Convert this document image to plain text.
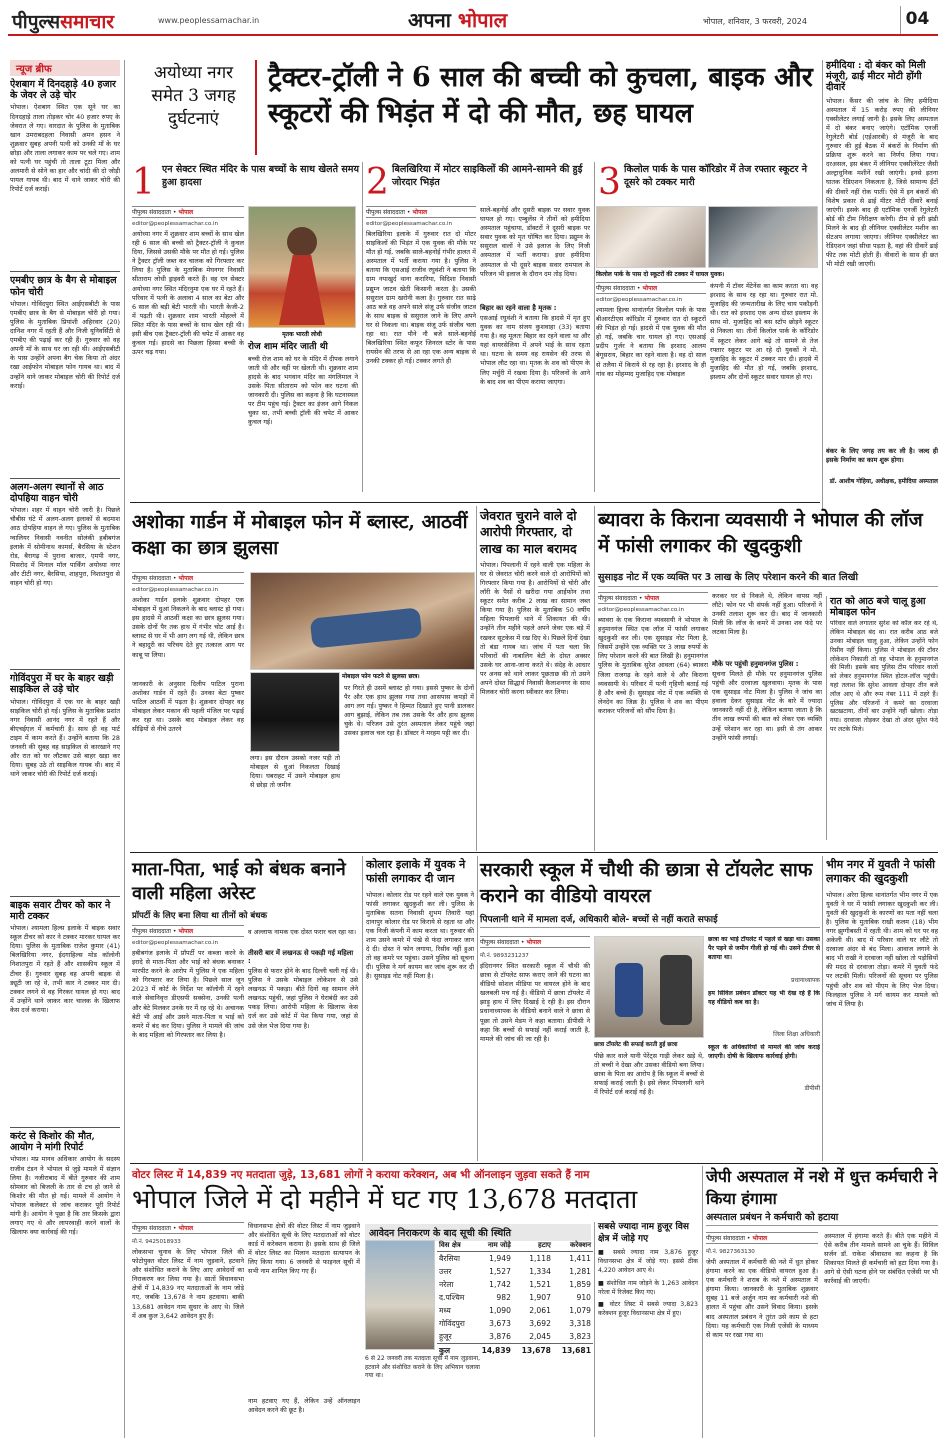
पीपुल्ससमाचार	www.peoplessamachar.in	अपना भोपाल	भोपाल, शनिवार, 3 फरवरी, 2024	04
न्यूज ब्रीफ
ऐशबाग में दिनदहाड़े 40 हजार के जेवर ले उड़े चोर
भोपाल। ऐशबाग स्थित एक सूने घर का दिनदहाड़े ताला तोड़कर चोर 40 हजार रुपए के जेवरात ले गए। वारदात के पुलिस के मुताबिक खान उमराबदहला निवासी अमन हसन ने शुक्रवार सुबह अपनी पत्नी को उनकी माँ के घर छोड़ा और ताला लगाकर काम पर चले गए। शाम को पत्नी घर पहुंची तो ताला टूटा मिला और अलमारी से सोने का हार और चांदी की दो जोड़ी पायल गायब थी। बाद में थाने जाकर चोरी की रिपोर्ट दर्ज कराई।
एमबीए छात्र के बैग से मोबाइल फोन चोरी
भोपाल। गोविंदपुरा स्थित आईएसबीटी के पास एमबीए छात्र के बैग से मोबाइल चोरी हो गया। पुलिस के मुताबिक प्रियांशी अहिरवार (20) दानिश नगर में रहती हैं और निजी यूनिवर्सिटी से एमबीए की पढ़ाई कर रही हैं। गुरुवार को वह अपनी माँ के साथ घर जा रही थी। आईएसबीटी के पास उन्होंने अपना बैग चेक किया तो अंदर रखा आईफोन मोबाइल फोन गायब था। बाद में उन्होंने थाने जाकर मोबाइल चोरी की रिपोर्ट दर्ज कराई।
अलग-अलग स्थानों से आठ दोपहिया वाहन चोरी
भोपाल। शहर में वाहन चोरी जारी है। पिछले चौबीस घंटे में अलग-अलग इलाकों से बदमाश आठ दोपहिया वाहन ले गए। पुलिस के मुताबिक ग्वालियर निवासी नवनीत सोलंकी हबीबगंज इलाके में सोमीनाथ कामर्स, बैरसिया के स्टेशन रोड, बैरागढ़ में पुराना बाजार, एमपी नगर, मिसरोद में मिनाल मॉल पार्किंग अयोध्या नगर और टीटी नगर, बैरसिया, शाहपुरा, निशातपुरा से वाहन चोरी हो गए।
गोविंदपुरा में घर के बाहर खड़ी साइकिल ले उड़े चोर
भोपाल। गोविंदपुरा में एक घर के बाहर खड़ी साइकिल चोरी हो गई। पुलिस के मुताबिक प्रशांत नगर निवासी आनंद नगर में रहते हैं और बीएचईएल में कर्मचारी हैं। साथ ही वह पार्ट टाइम में काम करते हैं। उन्होंने बताया कि 28 जनवरी की सुबह वह साइकिल से कारखाने गए और रात को घर लौटकर उसे बाहर खड़ा कर दिया। सुबह उठे तो साइकिल गायब थी। बाद में थाने जाकर चोरी की रिपोर्ट दर्ज कराई।
बाइक सवार टीचर को कार ने मारी टक्कर
भोपाल। श्यामला हिल्स इलाके में बाइक सवार स्कूल टीचर को कार ने टक्कर मारकर घायल कर दिया। पुलिस के मुताबिक राजेश कुमार (41) बिलखिरिया नगर, ईदगाहिल्स मोड कॉलोनी निशातपुरा में रहते हैं और शासकीय स्कूल में टीचर हैं। गुरुवार सुबह वह अपनी बाइक से ड्यूटी जा रहे थे, तभी कार ने टक्कर मार दी। टक्कर लगने से वह गिरकर घायल हो गए। बाद में उन्होंने थाने जाकर कार चालक के खिलाफ केस दर्ज कराया।
करंट से किशोर की मौत, आयोग ने मांगी रिपोर्ट
भोपाल। मप्र मानव अधिकार आयोग के सदस्य राजीव टंडन ने भोपाल से जुड़े मामले में संज्ञान लिया है। नजीराबाद में बीते गुरुवार की शाम सोमवार को बिजली के तार से टच हो जाने से किशोर की मौत हो गई। मामले में आयोग ने भोपाल कलेक्टर से जांच कराकर पूरी रिपोर्ट मांगी है। आयोग ने पूछा है कि तार किसके द्वारा लगाए गए थे और लापरवाही करने वालों के खिलाफ क्या कार्रवाई की गई।
अयोध्या नगर समेत 3 जगह दुर्घटनाएं
ट्रैक्टर-ट्रॉली ने 6 साल की बच्ची को कुचला, बाइक और स्कूटरों की भिड़ंत में दो की मौत, छह घायल
1 एन सेक्टर स्थित मंदिर के पास बच्चों के साथ खेलते समय हुआ हादसा
पीपुल्स संवाददाता • भोपाल
editor@peoplessamachar.co.in
अयोध्या नगर में शुक्रवार शाम बच्चों के साथ खेल रही 6 साल की बच्ची को ट्रैक्टर-ट्रॉली ने कुचल दिया, जिससे उसकी मौके पर मौत हो गई। पुलिस ने ट्रैक्टर ट्रॉली जब्त कर चालक को गिरफ्तार कर लिया है। पुलिस के मुताबिक मेघनगर निवासी सीताराम लोधी ड्राइवरी करते हैं। वह एन सेक्टर अयोध्या नगर स्थित मंदिरनुमा एक घर में रहते हैं। परिवार में पत्नी के अलावा 4 साल का बेटा और 6 साल की बड़ी बेटी भारती थी। भारती केजी-2 में पढ़ती थी। शुक्रवार शाम भारती मोहल्ले में स्थित मंदिर के पास बच्चों के साथ खेल रही थी। इसी बीच एक ट्रैक्टर-ट्रॉली की चपेट में आकर वह कुचल गई। हादसे का पिछला हिस्सा बच्ची के ऊपर चढ़ गया।
मृतक भारती लोधी
रोज शाम मंदिर जाती थी
बच्ची रोज शाम को घर के मंदिर में दीपक लगाने जाती थी और वहीं पर खेलती थी। शुक्रवार शाम हादसे के बाद भगवान मंदिर का मंगलिमाल ने उसके पिता सीताराम को फोन कर घटना की जानकारी दी। पुलिस का कहना है कि घटनास्थल पर टीम पहुंच गई। ट्रैक्टर का इंजन आगे निकल चुका था, तभी बच्ची ट्रॉली की चपेट में आकर कुचल गई।
2 बिलखिरिया में मोटर साइकिलों की आमने-सामने की हुई जोरदार भिड़ंत
पीपुल्स संवाददाता • भोपाल
editor@peoplessamachar.co.in
बिलखिरिया इलाके में गुरुवार रात दो मोटर साइकिलों की भिड़ंत में एक युवक की मौके पर मौत हो गई, जबकि साले-बहनोई गंभीर हालत में अस्पताल में भर्ती कराया गया है। पुलिस ने बताया कि एसआई राजीव रघुवंशी ने बताया कि ग्राम नयाखुर्द थाना करारिया, विदिशा निवासी प्रद्युम्न जाटव खेती किसानी करता है। उसकी ससुराल ग्राम खरोनी कला है। गुरुवार रात साढ़े आठ बजे वह अपने साले संजू उर्फ संजीव जाटव के साथ बाइक से ससुराल जाने के लिए अपने घर से निकला था। बाइक संजू उर्फ संजीव चला रहा था। रात पौने नौ बजे साले-बहनोई बिलखिरिया स्थित कफूर जिनरल स्टोर के पास रायसेन की तरफ से आ रहा एक अन्य बाइक से उनकी टक्कर हो गई। टक्कर लगते ही
साले-बहनोई और दूसरी बाइक पर सवार युवक घायल हो गए। एम्बुलेंस ने तीनों को हमीदिया अस्पताल पहुंचाया, डॉक्टरों ने दूसरी बाइक पर सवार युवक को मृत घोषित कर दिया। प्रद्युम्न के ससुराल वालों ने उसे इलाज के लिए निजी अस्पताल में भर्ती कराया। इधर हमीदिया अस्पताल से भी दूसरे बाइक सवार रामपाल के परिजन भी इलाज के दौरान दम तोड़ दिया।
बिहार का रहने वाला है मृतक :
एसआई रघुवंशी ने बताया कि हादसे में मृत हुए युवक का नाम संजय कुशवाहा (33) बताया गया है। वह मूलतः बिहार का रहने वाला था और यहां वायरसेलिया में अपने भाई के साथ रहता था। घटना के समय वह रायसेन की तरफ से भोपाल लौट रहा था। मृतक के शव को पीएम के लिए मर्चुरी में रखवा दिया है। परिजनों के आने के बाद शव का पीएम कराया जाएगा।
3 किलोल पार्क के पास कॉरिडोर में तेज रफ्तार स्कूटर ने दूसरे को टक्कर मारी
किलोल पार्क के पास दो स्कूटरों की टक्कर में घायल युवक।
पीपुल्स संवाददाता • भोपाल
editor@peoplessamachar.co.in
श्यामला हिल्स थानांतर्गत किलोल पार्क के पास बीआरटीएस कॉरिडोर में गुरुवार रात दो स्कूटरों की भिड़ंत हो गई। हादसे में एक युवक की मौत हो गई, जबकि चार घायल हो गए। एसआई प्रदीप गुर्जर ने बताया कि इरशाद आलम बेगूसराय, बिहार का रहने वाला है। वह दो साल से तलैया में किराये से रह रहा है। इरशाद के ही गांव का मोहम्मद मुजाहिद एक मोबाइल
कंपनी में टॉवर मेंटेनेंस का काम करता था। वह इरशाद के साथ रह रहा था। गुरुवार रात मो. मुजाहिद की जन्मतारीख के लिए चाय पकौड़नी थी। रात को इरशाद एक अन्य दोस्त इस्लाम के साथ मो. मुजाहिद को बस स्टॉप छोड़ने स्कूटर से निकला था। तीनों किलोल पार्क के कॉरिडोर में स्कूटर लेकर आगे बढ़े तो सामने से तेज रफ्तार स्कूटर पर आ रहे दो युवकों ने मो. मुजाहिद के स्कूटर में टक्कर मार दी। हादसे में मुजाहिद की मौत हो गई, जबकि इरशाद, इस्लाम और दोनों स्कूटर सवार घायल हो गए।
हमीदिया : दो बंकर को मिली मंजूरी, ढाई मीटर मोटी होंगी दीवारें
भोपाल। कैंसर की जांच के लिए हमीदिया अस्पताल में 15 करोड़ रुपए की लीनियर एक्सीलेटर लगाई जानी है। इसके लिए अस्पताल में दो बंकर बनाए जाएंगे। एटॉमिक एनर्जी रेगुलेटरी बोर्ड (एईआरबी) से मंजूरी के बाद गुरुवार की हुई बैठक में बंकरों के निर्माण की प्रक्रिया शुरू करने का निर्णय लिया गया। दरअसल, इस बंकर में लीनियर एक्सीलेरेटर जैसी अल्ट्राधुनिक मशीनें रखी जाएंगी। इनसे इतना घातक रेडिएशन निकलता है, जिसे सामान्य ईंटों की दीवारें नहीं रोक पातीं। ऐसे में इन बंकरों की विशेष प्रकार से ढाई मीटर मोटी दीवारें बनाई जाएंगी। इसके बाद ही एटॉमिक एनर्जी रेगुलेटरी बोर्ड की टीम निरीक्षण करेगी। टीम से हरी झंडी मिलने के बाद ही लीनियर एक्सीलेटर मशीन का सेटअप लगाया जाएगा। लीनियर एक्सीलेटर का रेडिएशन जहां सीधा पड़ता है, वहां की दीवारें ढाई फीट तक मोटी होती हैं। वीवारों के साथ ही छत भी मोटी रखी जाएगी।
बंकर के लिए जगह तय कर ली है। जल्द ही इसके निर्माण का काम शुरू होगा।
डॉ. आशीष गोहिया, अधीक्षक, हमीदिया अस्पताल
अशोका गार्डन में मोबाइल फोन में ब्लास्ट, आठवीं कक्षा का छात्र झुलसा
पीपुल्स संवाददाता • भोपाल
editor@peoplessamachar.co.in
अशोका गार्डन इलाके शुक्रवार दोपहर एक मोबाइल में धुआं निकलने के बाद ब्लास्ट हो गया। इस हादसे में आठवीं कक्षा का छात्र झुलस गया। उसके दोनों पैर तक हाथ में गंभीर चोट आई है। ब्लास्ट से घर में भी आग लग गई थी, लेकिन छात्र ने बहादुरी का परिचय देते हुए तत्काल आग पर काबू पा लिया।
जानकारी के अनुसार दिलीप पाटिल पुराना अशोका गार्डन में रहते हैं। उनका बेटा पुष्कर पाटिल आठवीं में पढ़ता है। शुक्रवार दोपहर वह मोबाइल लेकर मकान की पहली मंजिल पर पढ़ाई कर रहा था। उसके बाद मोबाइल लेकर वह सीढ़ियों से नीचे उतरने
मोबाइल फोन फटने से झुलसा छात्र।
लगा। इस दौरान उसको नजर पड़ी तो मोबाइल से धुआं निकलता दिखाई दिया। घबराहट में उसने मोबाइल हाथ से छोड़ा तो जमीन
पर गिरते ही उसमें ब्लास्ट हो गया। इससे पुष्कर के दोनों पैर और एक हाथ झुलस गया तथा आसपास कपड़ों में आग लग गई। पुष्कर ने हिम्मत दिखाते हुए पानी डालकर आग बुझाई, लेकिन तब तक उसके पैर और हाथ झुलस चुके थे। परिजन उसे तुरंत अस्पताल लेकर पहुंचे जहां उसका इलाज चल रहा है। डॉक्टर ने मरहम पट्टी कर दी।
जेवरात चुराने वाले दो आरोपी गिरफ्तार, दो लाख का माल बरामद
भोपाल। पिपलानी में रहने वाली एक महिला के घर से जेवरात चोरी करने वाले दो आरोपियों को गिरफ्तार किया गया है। आरोपियों से चोरी और लॉरी के पैसों से खरीदा गया आईफोन तथा स्कूटर समेत करीब 2 लाख का सामान जब्त किया गया है। पुलिस के मुताबिक 50 वर्षीय महिला पिपलानी थाने में शिकायत की थी। उन्होंने तीन महीने पहले अपने जेवर एक बड़े में रखकर सूटकेस में रख दिए थे। पिछले दिनों देखा तो बंडा गायब था। जांच में पता चला कि परिवारों की नाबालिग बेटी के दोस्त अक्सर उसके घर आना-जाना करते थे। संदेह के आधार पर अनस को थाने लाकर पूछताछ की तो उसने अपने दोस्त सिद्धार्थ निवासी कैलाशनगर के साथ मिलकर चोरी करना स्वीकार कर लिया।
ब्यावरा के किराना व्यवसायी ने भोपाल की लॉज में फांसी लगाकर की खुदकुशी
सुसाइड नोट में एक व्यक्ति पर 3 लाख के लिए परेशान करने की बात लिखी
पीपुल्स संवाददाता • भोपाल
editor@peoplessamachar.co.in
ब्यावरा के एक किराना व्यवसायी ने भोपाल के हनुमानगंज स्थित एक लॉज में फांसी लगाकर खुदकुशी कर ली। एक सुसाइड नोट मिला है, जिसमें उन्होंने एक व्यक्ति पर 3 लाख रुपयों के लिए परेशान करने की बात लिखी है। हनुमानगंज पुलिस के मुताबिक सुरेश आवला (64) ब्यावरा जिला राजगढ़ के रहने वाले थे और किराना व्यवसायी थे। परिवार में पत्नी गृहिणी बताई गई है और बच्चे हैं। सुसाइड नोट में एक व्यक्ति से लेनदेन का जिक्र है। पुलिस ने शव का पीएम कराकर परिजनों को सौंप दिया है।
करकर घर से निकले थे, लेकिन वापस नहीं लौटे। फोन पर भी संपर्क नहीं हुआ। परिजनों ने उनकी तलाश शुरू कर दी। बाद में जानकारी मिली कि लॉज के कमरे में उनका शव फंदे पर लटका मिला है।
मौके पर पहुंची हनुमानगंज पुलिस :
सूचना मिलते ही मौके पर हनुमानगंज पुलिस पहुंची और दरवाजा खुलवाया। मृतक के पास एक सुसाइड नोट मिला है। पुलिस ने जांच का हवाला देकर सुसाइड नोट के बारे में ज्यादा जानकारी नहीं दी है, लेकिन बताया जाता है कि तीन लाख रुपयों की बात को लेकर एक व्यक्ति उन्हें परेशान कर रहा था। इसी से तंग आकर उन्होंने फांसी लगाई।
रात को आठ बजे चालू हुआ मोबाइल फोन
परिवार वाले लगातार सुरेश को कॉल कर रहे थे, लेकिन मोबाइल बंद था। रात करीब आठ बजे उनका मोबाइल चालू हुआ, लेकिन उन्होंने फोन रिसीव नहीं किया। पुलिस ने मोबाइल की टॉवर लोकेशन निकाली तो वह भोपाल के हनुमानगंज की मिली। इसके बाद पुलिस टीम परिवार वालों को लेकर हनुमानगंज स्थित होटल-लॉज पहुंची। यहां तलाश कि सुरेश आवला दोपहर तीन बजे लॉज आए थे और रूम नंबर 111 में ठहरे हैं। पुलिस और परिजनों ने कमरे का दरवाजा खटखटाया, तीनों बार उन्होंने नहीं खोला। तोड़ा गया। दरवाजा तोड़कर देखा तो अंदर सुरेश फंदे पर लटके मिले।
माता-पिता, भाई को बंधक बनाने वाली महिला अरेस्ट
प्रॉपर्टी के लिए बना लिया था तीनों को बंधक
पीपुल्स संवाददाता • भोपाल
editor@peoplessamachar.co.in
हबीबगंज इलाके में प्रॉपर्टी पर कब्जा करने के इरादे से माता-पिता और भाई को बंधक बनाकर मारपीट करने के आरोप में पुलिस ने एक महिला को गिरफ्तार कर लिया है। पिछले साल जून 2023 में कोर्ट के निर्देश पर कॉलोनी में रहने वाले सेवानिवृत्त डीएसपी सक्सेना, उनकी पत्नी और बेटे मिलकर उनके घर में रह रहे थे। अचानक बेटी भी आई और उसने माता-पिता व भाई को कमरे में बंद कर दिया। पुलिस ने मामले की जांच के बाद महिला को गिरफ्तार कर लिया है।
व अल्लाफ नामक एक दोस्त फरार चल रहा था।
तीसरी बार में लखनऊ से पकड़ी गई महिला :
पुलिस से फरार होने के बाद दिल्ली चली गई थी। पुलिस ने उसके मोबाइल लोकेशन से उसे लखनऊ में पकड़ा। बीते दिनों वह सामान लेने लखनऊ पहुंची, जहां पुलिस ने घेराबंदी कर उसे पकड़ लिया। आरोपी महिला के खिलाफ केस दर्ज कर उसे कोर्ट में पेश किया गया, जहां से उसे जेल भेज दिया गया है।
कोलार इलाके में युवक ने फांसी लगाकर दी जान
भोपाल। कोलार रोड पर रहने वाले एक युवक ने फांसी लगाकर खुदकुशी कर ली। पुलिस के मुताबिक सतना निवासी शुभम तिवारी यहां दानापुर कोलार रोड पर किराये से रहता था और एक निजी कंपनी में काम करता था। गुरुवार की शाम उसने कमरे में पंखे से फंदा लगाकर जान दे दी। दोस्त ने फोन लगाया, रिसीव नहीं हुआ तो वह कमरे पर पहुंचा। उसने पुलिस को सूचना दी। पुलिस ने मर्ग कायम कर जांच शुरू कर दी है। सुसाइड नोट नहीं मिला है।
सरकारी स्कूल में चौथी की छात्रा से टॉयलेट साफ कराने का वीडियो वायरल
पिपलानी थाने में मामला दर्ज, अधिकारी बोले- बच्चों से नहीं कराते सफाई
पीपुल्स संवाददाता • भोपाल
मो.नं. 9893231237
इंदिरानगर स्थित सरकारी स्कूल में चौथी की छात्रा से टॉयलेट साफ कराए जाने की घटना का वीडियो सोशल मीडिया पर वायरल होने के बाद खलबली मच गई है। वीडियो में छात्रा टॉयलेट में झाड़ू हाथ में लिए दिखाई दे रही है। इस दौरान प्रधानाध्यापक के वीडियो बनाने वाले ने छात्रा से पूछा तो उसने मेडम ने कहा बताया। डीपीसी ने कहा कि बच्चों से सफाई नहीं कराई जाती है, मामले की जांच की जा रही है।
छात्रा टॉयलेट की सफाई करती हुई छात्रा
पीछे कार वाले यानी पेरेंट्स गाड़ी लेकर खड़े थे, तो बच्ची ने देखा और उसका वीडियो बना लिया। छात्रा के पिता का आरोप है कि स्कूल में बच्चों से सफाई कराई जाती है। इसे लेकर पिपलानी थाने में रिपोर्ट दर्ज कराई गई है।
छात्रा का भाई टॉयलेट में पहले से खड़ा था। उसका पैर पड़ने से जमीन गीली हो गई थी। उसने टीचर से बताया था।
प्रधानाध्यापक
हम सिविल प्रबंधन डॉक्टर यह भी देख रहे हैं कि यह वीडियो कब का है।
जिला शिक्षा अधिकारी
स्कूल के अधिकारियों से मामले की जांच कराई जाएगी। दोषी के खिलाफ कार्रवाई होगी।
डीपीसी
भीम नगर में युवती ने फांसी लगाकर की खुदकुशी
भोपाल। अरेरा हिल्स थानांतर्गत भीम नगर में एक युवती ने घर में फांसी लगाकर खुदकुशी कर ली। युवती की खुदकुशी के कारणों का पता नहीं चला है। पुलिस के मुताबिक राखी कलम (18) भीम नगर झुग्गीबस्ती में रहती थी। शाम को घर पर वह अकेली थी। बाद में परिवार वाले घर लौटे तो दरवाजा अंदर से बंद मिला। आवाज लगाने के बाद भी राखी ने दरवाजा नहीं खोला तो पड़ोसियों की मदद से दरवाजा तोड़ा। कमरे में युवती फंदे पर लटकी मिली। परिजनों की सूचना पर पुलिस पहुंची और शव को पीएम के लिए भेज दिया। फिलहाल पुलिस ने मर्ग कायम कर मामले को जांच में लिया है।
वोटर लिस्ट में 14,839 नए मतदाता जुड़े, 13,681 लोगों ने कराया करेक्शन, अब भी ऑनलाइन जुड़वा सकते हैं नाम
भोपाल जिले में दो महीने में घट गए 13,678 मतदाता
पीपुल्स संवाददाता • भोपाल
मो.नं. 9425018933
लोकसभा चुनाव के लिए भोपाल जिले की फोटोयुक्त वोटर लिस्ट में नाम जुड़वाने, हटवाने और संशोधित कराने के लिए आए आवेदनों का निराकरण कर लिया गया है। सातों विधानसभा क्षेत्रों में 14,839 नए मतदाताओं के नाम जोड़े गए, जबकि 13,678 ने नाम हटवाया। बाकी 13,681 आवेदन नाम सुधार के आए थे। जिले में अब कुल 3,642 आवेदन हुए हैं।
विधानसभा क्षेत्रों की वोटर लिस्ट में नाम जुड़वाने और संशोधित सूची के लिए मतदाताओं को वोटर कार्ड में करेक्शन कराया है। इसके साथ ही जिले में वोटर लिस्ट का मिलान मतदाता सत्यापन के लिए किया गया। 6 जनवरी से फाइनल सूची में सभी नाम शामिल किए गए हैं।
नाम हटवाए गए हैं, लेकिन उन्हें ऑनलाइन आवेदन करने की छूट है।
आवेदन निराकरण के बाद सूची की स्थिति
विस क्षेत्र	नाम जोड़े	हटाए	करेक्शन
बैरसिया	1,949	1,118	1,411
उत्तर	1,527	1,334	1,281
नरेला	1,742	1,521	1,859
द.पश्चिम	982	1,907	910
मध्य	1,090	2,061	1,079
गोविंदपुरा	3,673	3,692	3,318
हुजूर	3,876	2,045	3,823
कुल	14,839	13,678	13,681
6 से 22 जनवरी तक मतदाता सूची में नाम जुड़वाना, हटवाने और संशोधित कराने के लिए अभियान चलाया गया था।
सबसे ज्यादा नाम हुजूर विस क्षेत्र में जोड़े गए
■ सबसे ज्यादा नाम 3,876 हुजूर विधानसभा क्षेत्र में जोड़े गए। इससे ठीक 4,220 आवेदन आए थे।
■ संशोधित नाम जोड़ने के 1,263 आवेदन नरेला में रिजेक्ट किए गए।
■ वोटर लिस्ट में सबसे ज्यादा 3,823 करेक्शन हुजूर विधानसभा क्षेत्र में हुए।
जेपी अस्पताल में नशे में धुत्त कर्मचारी ने किया हंगामा
अस्पताल प्रबंधन ने कर्मचारी को हटाया
पीपुल्स संवाददाता • भोपाल
मो.नं. 9827363130
जेपी अस्पताल में कर्मचारी की नशे में धुत होकर हंगामा करने का एक वीडियो वायरल हुआ है। एक कर्मचारी ने शराब के नशे में अस्पताल में हंगामा किया। जानकारी के मुताबिक शुक्रवार सुबह 11 बजे अर्जुन नाम का कर्मचारी नशे की हालत में पहुंचा और उसने विवाद किया। इसके बाद अस्पताल प्रबंधन ने तुरंत उसे काम से हटा दिया। यह कर्मचारी एक निजी एजेंसी के माध्यम से काम पर रखा गया था।
अस्पताल में हंगामा करते हैं। बीते एक महीने में ऐसे करीब तीन मामले सामने आ चुके हैं। सिविल सर्जन डॉ. राकेश श्रीवास्तव का कहना है कि शिकायत मिलते ही कर्मचारी को हटा दिया गया है। आगे से ऐसी घटना होने पर संबंधित एजेंसी पर भी कार्रवाई की जाएगी।
